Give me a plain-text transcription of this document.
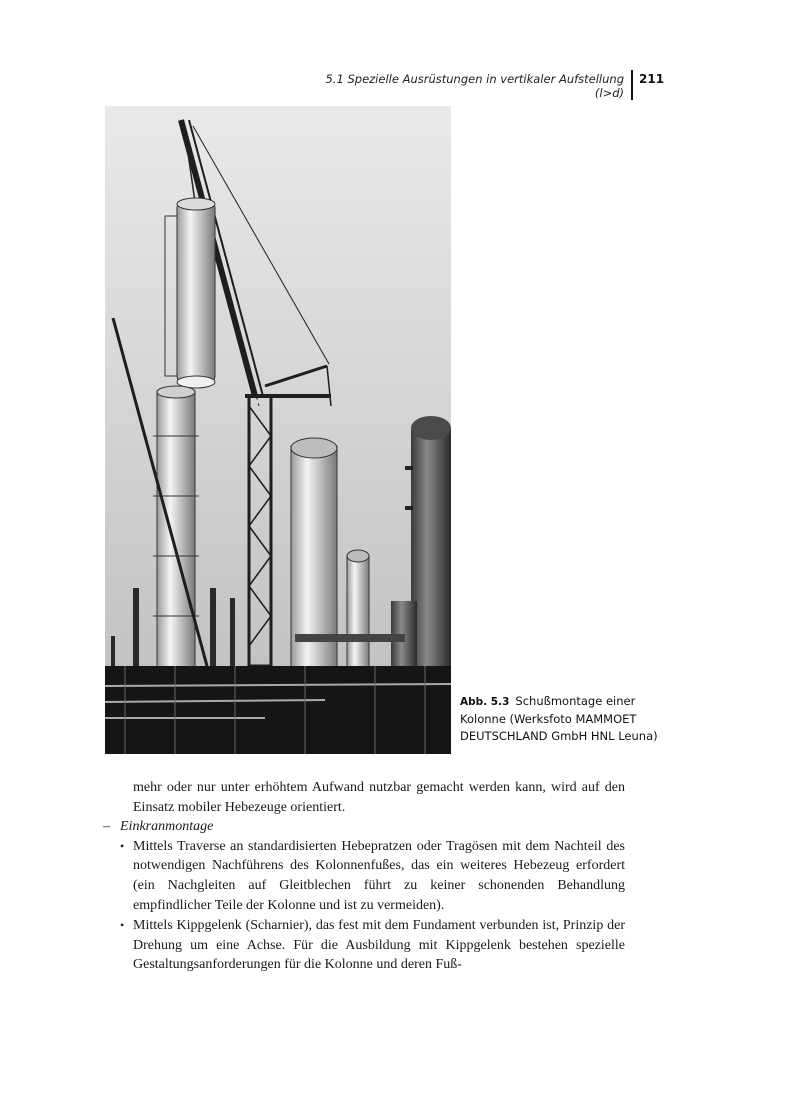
5.1 Spezielle Ausrüstungen in vertikaler Aufstellung (l>d)
211
Abb. 5.3 Schußmontage einer Kolonne (Werksfoto MAMMOET DEUTSCHLAND GmbH HNL Leuna)

mehr oder nur unter erhöhtem Aufwand nutzbar gemacht werden kann, wird auf den Einsatz mobiler Hebezeuge orientiert.

– Einkranmontage
• Mittels Traverse an standardisierten Hebepratzen oder Tragösen mit dem Nachteil des notwendigen Nachführens des Kolonnenfußes, das ein weiteres Hebezeug erfordert (ein Nachgleiten auf Gleitblechen führt zu keiner schonenden Behandlung empfindlicher Teile der Kolonne und ist zu vermeiden).
• Mittels Kippgelenk (Scharnier), das fest mit dem Fundament verbunden ist, Prinzip der Drehung um eine Achse. Für die Ausbildung mit Kippgelenk bestehen spezielle Gestaltungsanforderungen für die Kolonne und deren Fuß-
